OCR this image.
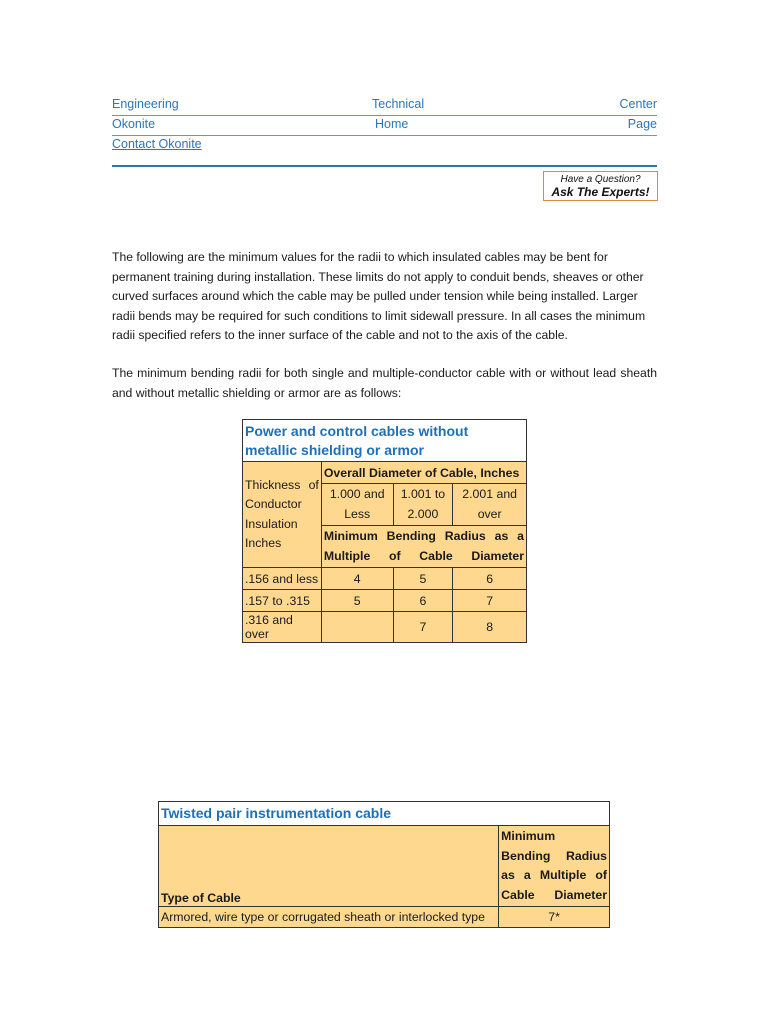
Engineering	Technical	Center
Okonite	Home	Page
Contact Okonite
Have a Question?
Ask The Experts!
The following are the minimum values for the radii to which insulated cables may be bent for permanent training during installation. These limits do not apply to conduit bends, sheaves or other curved surfaces around which the cable may be pulled under tension while being installed. Larger radii bends may be required for such conditions to limit sidewall pressure. In all cases the minimum radii specified refers to the inner surface of the cable and not to the axis of the cable.
The minimum bending radii for both single and multiple-conductor cable with or without lead sheath and without metallic shielding or armor are as follows:
Power and control cables without metallic shielding or armor			
Thickness of Conductor Insulation Inches	Overall Diameter of Cable, Inches		
	1.000 and Less	1.001 to 2.000	2.001 and over
	Minimum Bending Radius as a Multiple of Cable Diameter		
.156 and less	4	5	6
.157 to .315	5	6	7
.316 and over		7	8
Twisted pair instrumentation cable	
Type of Cable	Minimum Bending Radius as a Multiple of Cable Diameter
Armored, wire type or corrugated sheath or interlocked type	7*
